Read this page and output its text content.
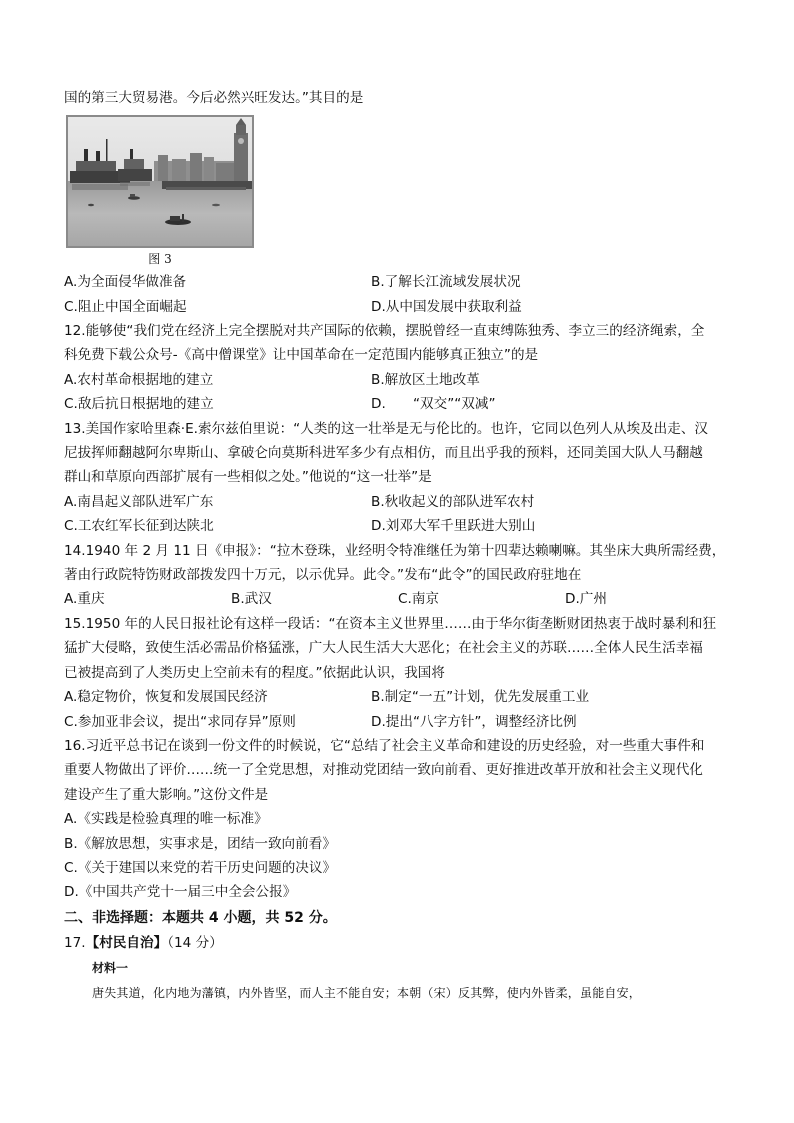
国的第三大贸易港。今后必然兴旺发达。”其目的是
图 3
A.为全面侵华做准备	B.了解长江流域发展状况
C.阻止中国全面崛起	D.从中国发展中获取利益
12.能够使“我们党在经济上完全摆脱对共产国际的依赖，摆脱曾经一直束缚陈独秀、李立三的经济绳索，全
科免费下载公众号-《高中僧课堂》让中国革命在一定范围内能够真正独立”的是
A.农村革命根据地的建立	B.解放区土地改革
C.敌后抗日根据地的建立	D.　　“双交”“双减”
13.美国作家哈里森·E.索尔兹伯里说：“人类的这一壮举是无与伦比的。也许，它同以色列人从埃及出走、汉
尼拔挥师翻越阿尔卑斯山、拿破仑向莫斯科进军多少有点相仿，而且出乎我的预料，还同美国大队人马翻越
群山和草原向西部扩展有一些相似之处。”他说的“这一壮举”是
A.南昌起义部队进军广东	B.秋收起义的部队进军农村
C.工农红军长征到达陕北	D.刘邓大军千里跃进大别山
14.1940 年 2 月 11 日《申报》：“拉木登珠，业经明令特准继任为第十四辈达赖喇嘛。其坐床大典所需经费，
著由行政院特饬财政部拨发四十万元，以示优异。此令。”发布“此令”的国民政府驻地在
A.重庆	B.武汉	C.南京	D.广州
15.1950 年的人民日报社论有这样一段话：“在资本主义世界里……由于华尔街垄断财团热衷于战时暴利和狂
猛扩大侵略，致使生活必需品价格猛涨，广大人民生活大大恶化；在社会主义的苏联……全体人民生活幸福
已被提高到了人类历史上空前未有的程度。”依据此认识，我国将
A.稳定物价，恢复和发展国民经济	B.制定“一五”计划，优先发展重工业
C.参加亚非会议，提出“求同存异”原则	D.提出“八字方针”，调整经济比例
16.习近平总书记在谈到一份文件的时候说，它“总结了社会主义革命和建设的历史经验，对一些重大事件和
重要人物做出了评价……统一了全党思想，对推动党团结一致向前看、更好推进改革开放和社会主义现代化
建设产生了重大影响。”这份文件是
A.《实践是检验真理的唯一标准》
B.《解放思想，实事求是，团结一致向前看》
C.《关于建国以来党的若干历史问题的决议》
D.《中国共产党十一届三中全会公报》
二、非选择题：本题共 4 小题，共 52 分。
17.【村民自治】（14 分）
材料一
唐失其道，化内地为藩镇，内外皆坚，而人主不能自安；本朝（宋）反其弊，使内外皆柔，虽能自安，
